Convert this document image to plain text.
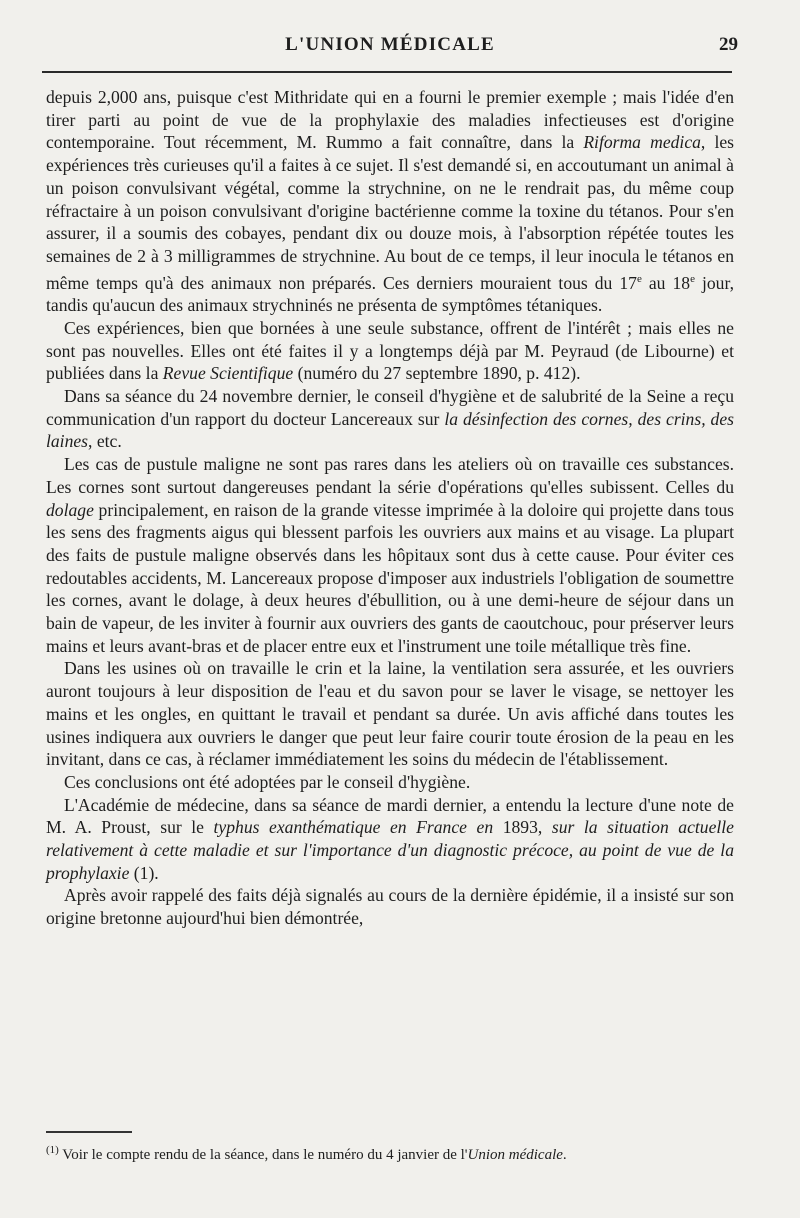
L'UNION MÉDICALE	29

depuis 2,000 ans, puisque c'est Mithridate qui en a fourni le premier exemple ; mais l'idée d'en tirer parti au point de vue de la prophylaxie des maladies infectieuses est d'origine contemporaine. Tout récemment, M. Rummo a fait connaître, dans la Riforma medica, les expériences très curieuses qu'il a faites à ce sujet. Il s'est demandé si, en accoutumant un animal à un poison convulsivant végétal, comme la strychnine, on ne le rendrait pas, du même coup réfractaire à un poison convulsivant d'origine bactérienne comme la toxine du tétanos. Pour s'en assurer, il a soumis des cobayes, pendant dix ou douze mois, à l'absorption répétée toutes les semaines de 2 à 3 milligrammes de strychnine. Au bout de ce temps, il leur inocula le tétanos en même temps qu'à des animaux non préparés. Ces derniers mouraient tous du 17e au 18e jour, tandis qu'aucun des animaux strychninés ne présenta de symptômes tétaniques.

Ces expériences, bien que bornées à une seule substance, offrent de l'intérêt ; mais elles ne sont pas nouvelles. Elles ont été faites il y a longtemps déjà par M. Peyraud (de Libourne) et publiées dans la Revue Scientifique (numéro du 27 septembre 1890, p. 412).

Dans sa séance du 24 novembre dernier, le conseil d'hygiène et de salubrité de la Seine a reçu communication d'un rapport du docteur Lancereaux sur la désinfection des cornes, des crins, des laines, etc.

Les cas de pustule maligne ne sont pas rares dans les ateliers où on travaille ces substances. Les cornes sont surtout dangereuses pendant la série d'opérations qu'elles subissent. Celles du dolage principalement, en raison de la grande vitesse imprimée à la doloire qui projette dans tous les sens des fragments aigus qui blessent parfois les ouvriers aux mains et au visage. La plupart des faits de pustule maligne observés dans les hôpitaux sont dus à cette cause. Pour éviter ces redoutables accidents, M. Lancereaux propose d'imposer aux industriels l'obligation de soumettre les cornes, avant le dolage, à deux heures d'ébullition, ou à une demi-heure de séjour dans un bain de vapeur, de les inviter à fournir aux ouvriers des gants de caoutchouc, pour préserver leurs mains et leurs avant-bras et de placer entre eux et l'instrument une toile métallique très fine.

Dans les usines où on travaille le crin et la laine, la ventilation sera assurée, et les ouvriers auront toujours à leur disposition de l'eau et du savon pour se laver le visage, se nettoyer les mains et les ongles, en quittant le travail et pendant sa durée. Un avis affiché dans toutes les usines indiquera aux ouvriers le danger que peut leur faire courir toute érosion de la peau en les invitant, dans ce cas, à réclamer immédiatement les soins du médecin de l'établissement.

Ces conclusions ont été adoptées par le conseil d'hygiène.

L'Académie de médecine, dans sa séance de mardi dernier, a entendu la lecture d'une note de M. A. Proust, sur le typhus exanthématique en France en 1893, sur la situation actuelle relativement à cette maladie et sur l'importance d'un diagnostic précoce, au point de vue de la prophylaxie (1).

Après avoir rappelé des faits déjà signalés au cours de la dernière épidémie, il a insisté sur son origine bretonne aujourd'hui bien démontrée,

$^{(1)}$ Voir le compte rendu de la séance, dans le numéro du 4 janvier de l'Union médicale.
